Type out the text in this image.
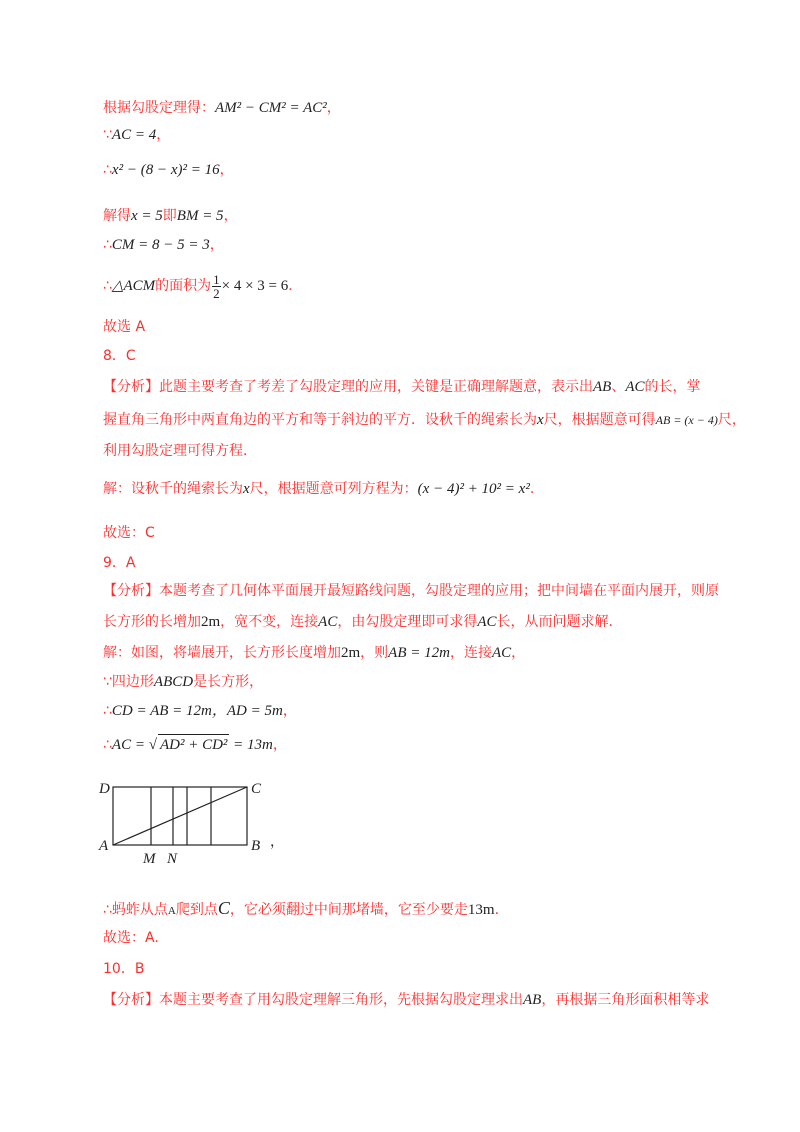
根据勾股定理得：AM² − CM² = AC²，
∵AC = 4，
∴x² − (8 − x)² = 16，
解得x = 5即BM = 5，
∴CM = 8 − 5 = 3，
∴△ACM的面积为 $\frac{1}{2} \times 4 \times 3 = 6$.
故选 A
8．C
【分析】此题主要考查了考差了勾股定理的应用，关键是正确理解题意，表示出AB、AC的长，掌
握直角三角形中两直角边的平方和等于斜边的平方．设秋千的绳索长为x尺，根据题意可得AB = (x − 4)尺，
利用勾股定理可得方程．
解：设秋千的绳索长为x尺，根据题意可列方程为：(x − 4)² + 10² = x².
故选：C
9．A
【分析】本题考查了几何体平面展开最短路线问题，勾股定理的应用；把中间墙在平面内展开，则原
长方形的长增加2m，宽不变，连接AC，由勾股定理即可求得AC长，从而问题求解．
解：如图，将墙展开，长方形长度增加2m，则AB = 12m，连接AC，
∵四边形ABCD是长方形，
∴CD = AB = 12m，AD = 5m，
∴AC = √ AD² + CD² = 13m，
D	C
A	B
M N
，
∴蚂蚱从点A爬到点C，它必须翻过中间那堵墙，它至少要走13m.
故选：A.
10．B
【分析】本题主要考查了用勾股定理解三角形，先根据勾股定理求出AB，再根据三角形面积相等求
